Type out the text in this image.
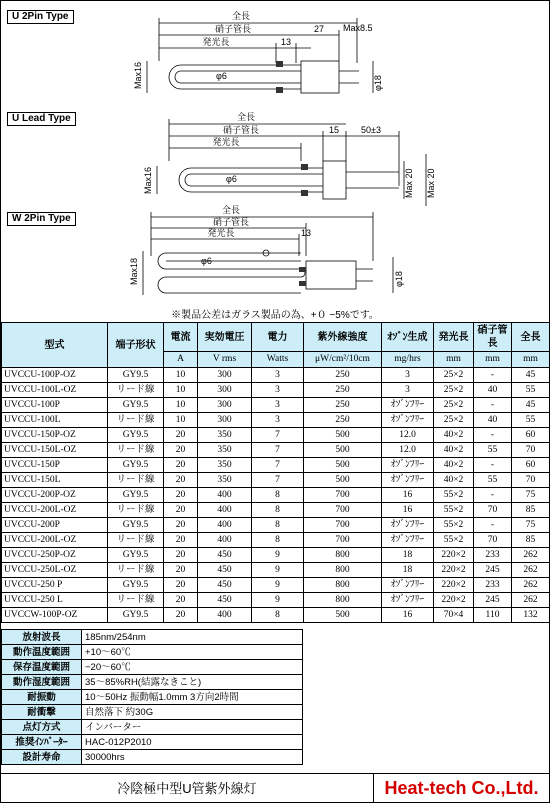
U 2Pin Type	全長
硝子管長
発光長	13
27 Max8.5
φ6
Max16	φ18
U Lead Type	全長
硝子管長
発光長
15 50±3
φ6
Max16	Max 20 Max 20
W 2Pin Type
全長
硝子管長
発光長	13
φ6
Max18	φ18
※製品公差はガラス製品の為、+０ −5%です。
型式	端子形状	電流	実効電圧	電力	紫外線強度	ｵｿﾞﾝ生成	発光長	硝子管長	全長
		A	V rms	Watts	μW/cm²/10cm	mg/hrs	mm	mm	mm
UVCCU-100P-OZ	GY9.5	10	300	3	250	3	25×2	-	45
UVCCU-100L-OZ	リード線	10	300	3	250	3	25×2	40	55
UVCCU-100P	GY9.5	10	300	3	250	ｵｿﾞﾝﾌﾘｰ	25×2	-	45
UVCCU-100L	リード線	10	300	3	250	ｵｿﾞﾝﾌﾘｰ	25×2	40	55
UVCCU-150P-OZ	GY9.5	20	350	7	500	12.0	40×2	-	60
UVCCU-150L-OZ	リード線	20	350	7	500	12.0	40×2	55	70
UVCCU-150P	GY9.5	20	350	7	500	ｵｿﾞﾝﾌﾘｰ	40×2	-	60
UVCCU-150L	リード線	20	350	7	500	ｵｿﾞﾝﾌﾘｰ	40×2	55	70
UVCCU-200P-OZ	GY9.5	20	400	8	700	16	55×2	-	75
UVCCU-200L-OZ	リード線	20	400	8	700	16	55×2	70	85
UVCCU-200P	GY9.5	20	400	8	700	ｵｿﾞﾝﾌﾘｰ	55×2	-	75
UVCCU-200L-OZ	リード線	20	400	8	700	ｵｿﾞﾝﾌﾘｰ	55×2	70	85
UVCCU-250P-OZ	GY9.5	20	450	9	800	18	220×2	233	262
UVCCU-250L-OZ	リード線	20	450	9	800	18	220×2	245	262
UVCCU-250 P	GY9.5	20	450	9	800	ｵｿﾞﾝﾌﾘｰ	220×2	233	262
UVCCU-250 L	リード線	20	450	9	800	ｵｿﾞﾝﾌﾘｰ	220×2	245	262
UVCCW-100P-OZ	GY9.5	20	400	8	500	16	70×4	110	132
放射波長	185nm/254nm
動作温度範囲	+10〜60℃
保存温度範囲	−20〜60℃
動作湿度範囲	35〜85%RH(結露なきこと)
耐振動	10〜50Hz 振動幅1.0mm 3方向2時間
耐衝撃	自然落下 約30G
点灯方式	インバーター
推奨ｲﾝﾊﾞｰﾀｰ	HAC-012P2010
設計寿命	30000hrs
冷陰極中型U管紫外線灯	Heat-tech Co.,Ltd.
